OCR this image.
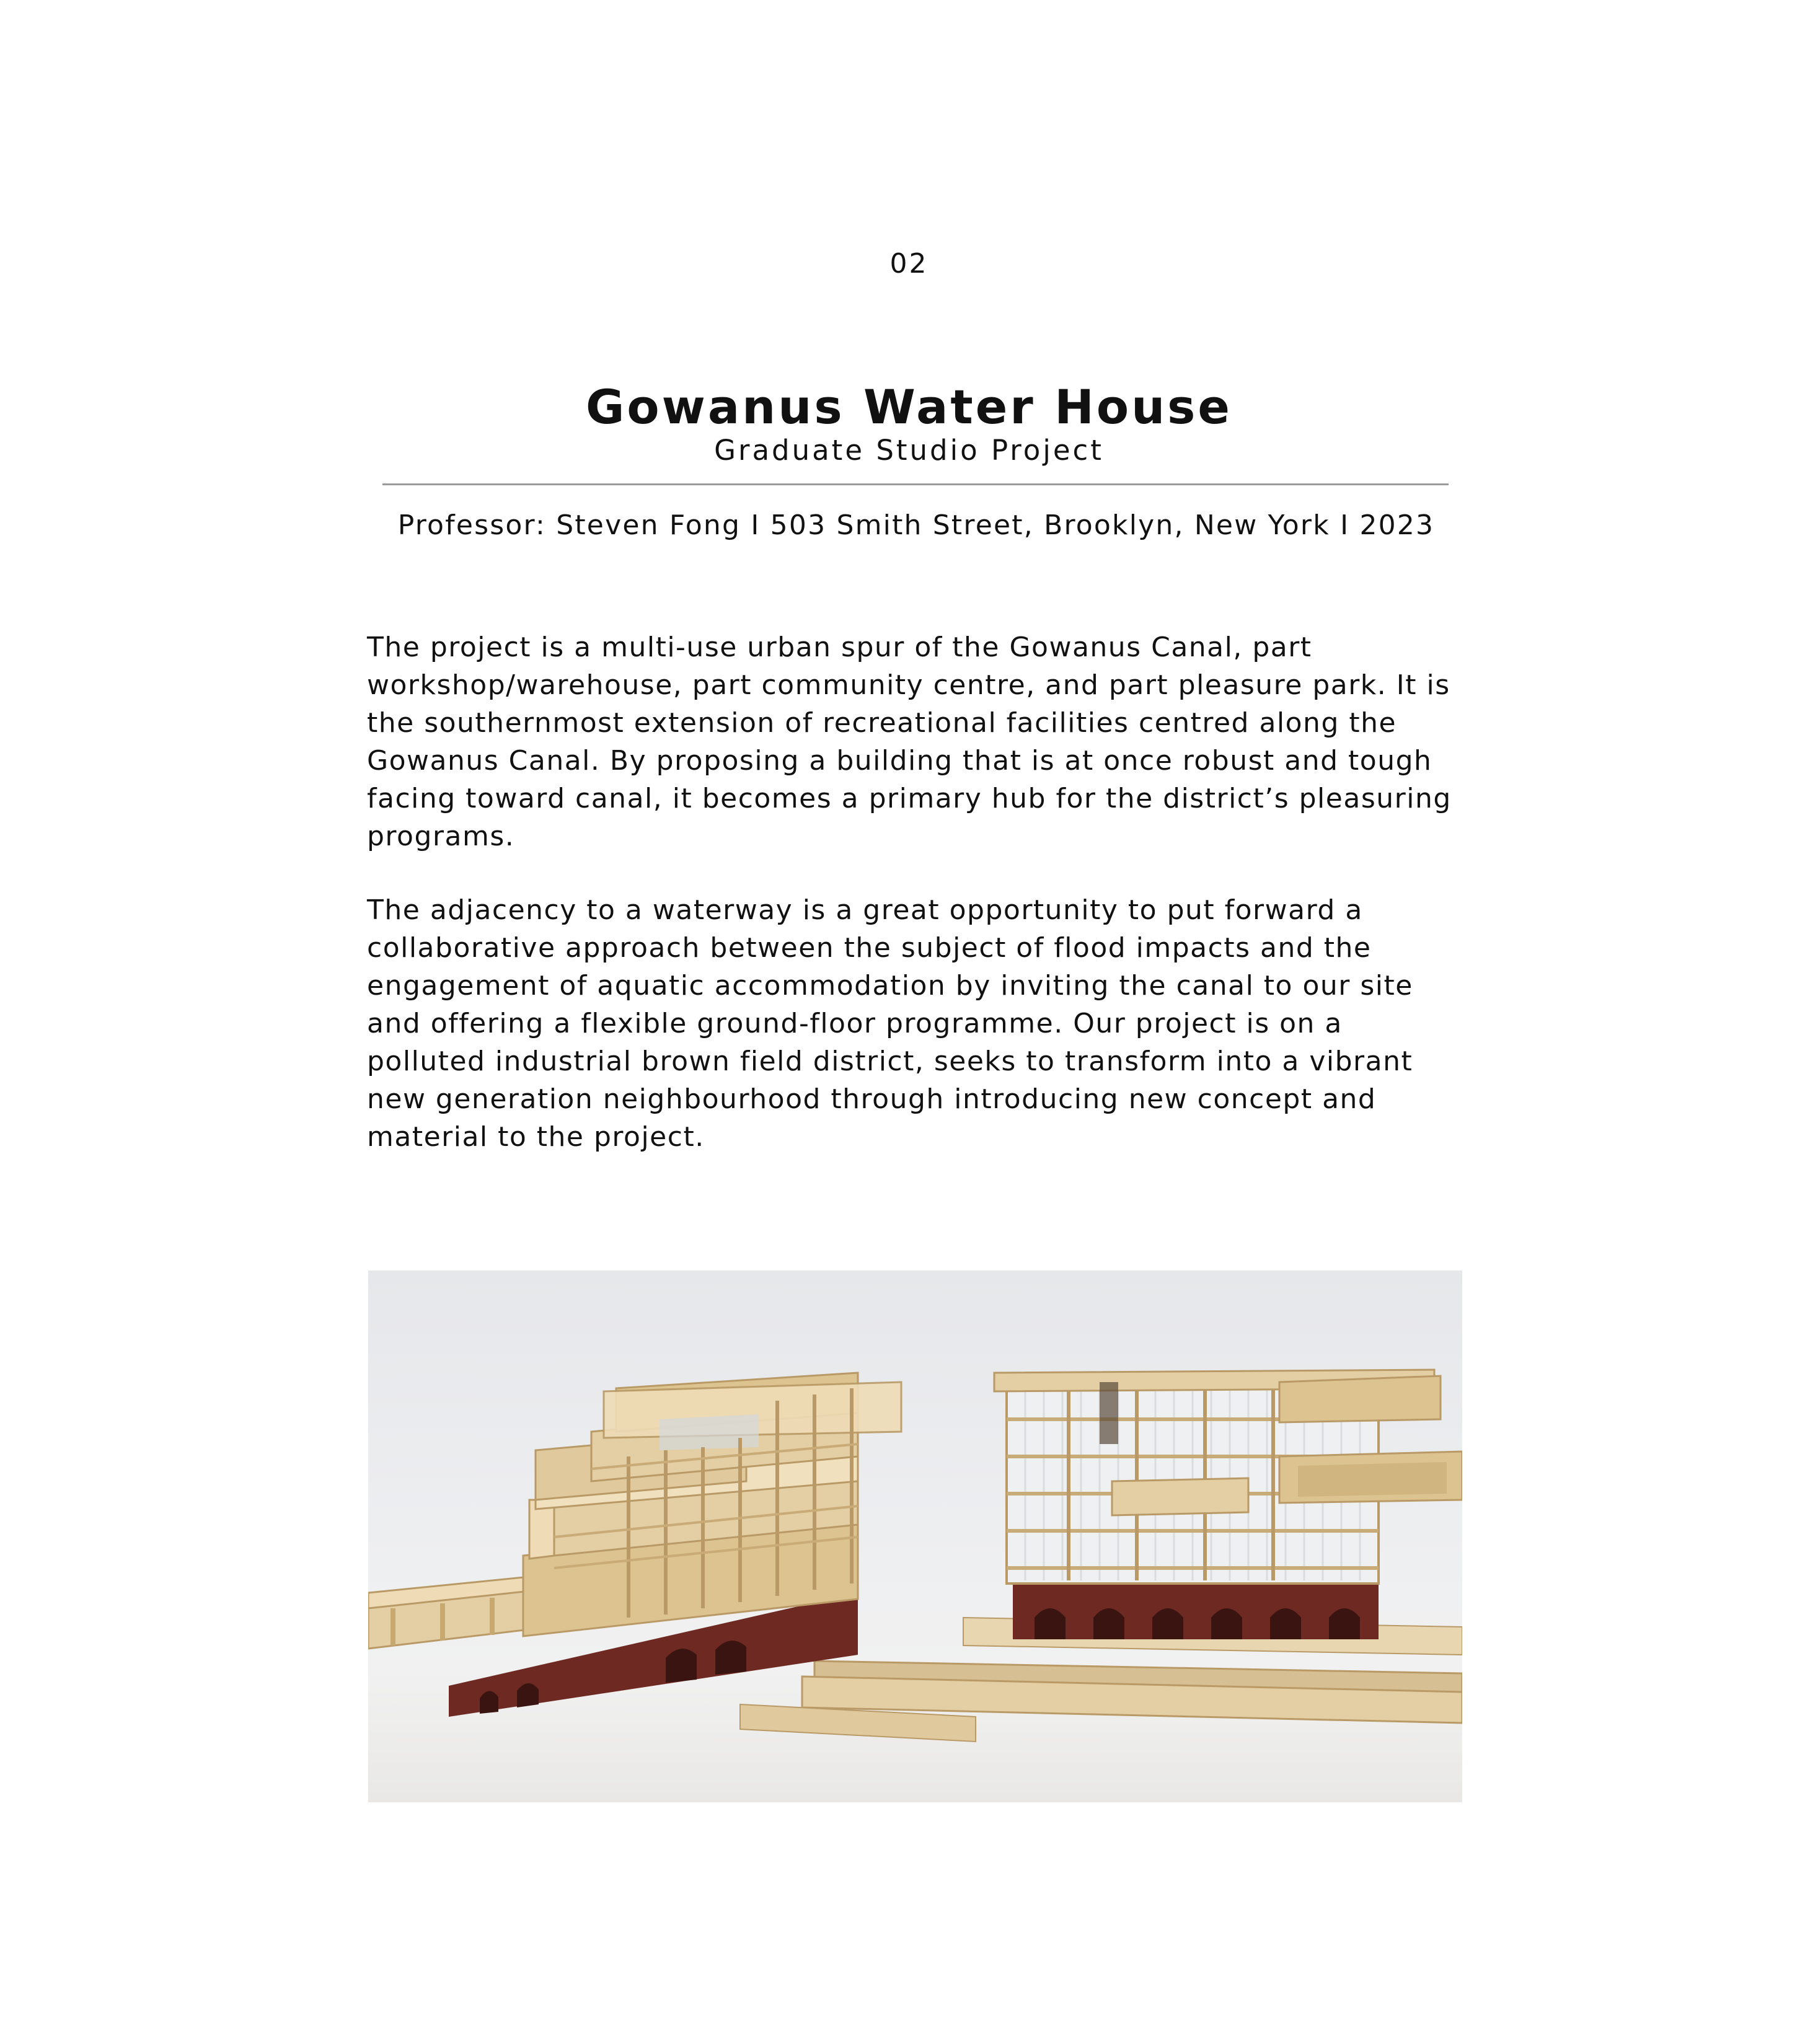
02
Gowanus Water House
Graduate Studio Project
Professor: Steven Fong I 503 Smith Street, Brooklyn, New York I 2023

The project is a multi-use urban spur of the Gowanus Canal, part workshop/warehouse, part community centre, and part pleasure park. It is the southernmost extension of recreational facilities centred along the Gowanus Canal. By proposing a building that is at once robust and tough facing toward canal, it becomes a primary hub for the district’s pleasuring programs.

The adjacency to a waterway is a great opportunity to put forward a collaborative approach between the subject of flood impacts and the engagement of aquatic accommodation by inviting the canal to our site and offering a flexible ground-floor programme. Our project is on a polluted industrial brown field district, seeks to transform into a vibrant new generation neighbourhood through introducing new concept and material to the project.
